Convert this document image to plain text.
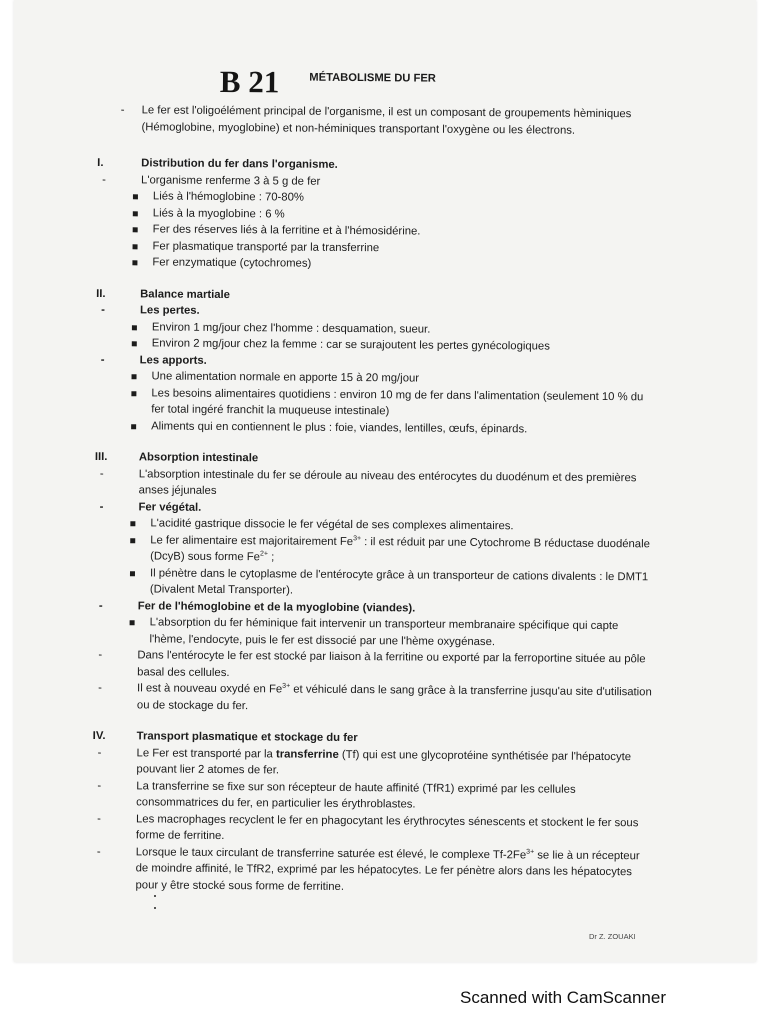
B 21	MÉTABOLISME DU FER
-
Le fer est l'oligoélément principal de l'organisme, il est un composant de groupements hèminiques (Hémoglobine, myoglobine) et non-héminiques transportant l'oxygène ou les électrons.
I.	Distribution du fer dans l'organisme.
-
L'organisme renferme 3 à 5 g de fer
Liés à l'hémoglobine : 70-80%
Liés à la myoglobine : 6 %
Fer des réserves liés à la ferritine et à l'hémosidérine.
Fer plasmatique transporté par la transferrine
Fer enzymatique (cytochromes)
II.	Balance martiale
-
Les pertes.
Environ 1 mg/jour chez l'homme : desquamation, sueur.
Environ 2 mg/jour chez la femme : car se surajoutent les pertes gynécologiques
-
Les apports.
Une alimentation normale en apporte 15 à 20 mg/jour
Les besoins alimentaires quotidiens : environ 10 mg de fer dans l'alimentation (seulement 10 % du fer total ingéré franchit la muqueuse intestinale)
Aliments qui en contiennent le plus : foie, viandes, lentilles, œufs, épinards.
III.	Absorption intestinale
-
L'absorption intestinale du fer se déroule au niveau des entérocytes du duodénum et des premières anses jéjunales
-
Fer végétal.
L'acidité gastrique dissocie le fer végétal de ses complexes alimentaires.
Le fer alimentaire est majoritairement $Fe^{3+}$ : il est réduit par une Cytochrome B réductase duodénale (DcyB) sous forme $Fe^{2+}$ ;
Il pénètre dans le cytoplasme de l'entérocyte grâce à un transporteur de cations divalents : le DMT1 (Divalent Metal Transporter).
-
Fer de l'hémoglobine et de la myoglobine (viandes).
L'absorption du fer héminique fait intervenir un transporteur membranaire spécifique qui capte l'hème, l'endocyte, puis le fer est dissocié par une l'hème oxygénase.
-
Dans l'entérocyte le fer est stocké par liaison à la ferritine ou exporté par la ferroportine située au pôle basal des cellules.
-
Il est à nouveau oxydé en $Fe^{3+}$ et véhiculé dans le sang grâce à la transferrine jusqu'au site d'utilisation ou de stockage du fer.
IV.	Transport plasmatique et stockage du fer
-
Le Fer est transporté par la transferrine (Tf) qui est une glycoprotéine synthétisée par l'hépatocyte pouvant lier 2 atomes de fer.
-
La transferrine se fixe sur son récepteur de haute affinité (TfR1) exprimé par les cellules consommatrices du fer, en particulier les érythroblastes.
-
Les macrophages recyclent le fer en phagocytant les érythrocytes sénescents et stockent le fer sous forme de ferritine.
-
Lorsque le taux circulant de transferrine saturée est élevé, le complexe $Tf-2Fe^{3+}$ se lie à un récepteur de moindre affinité, le TfR2, exprimé par les hépatocytes. Le fer pénètre alors dans les hépatocytes pour y être stocké sous forme de ferritine.
Dr Z. ZOUAKI
Scanned with CamScanner
